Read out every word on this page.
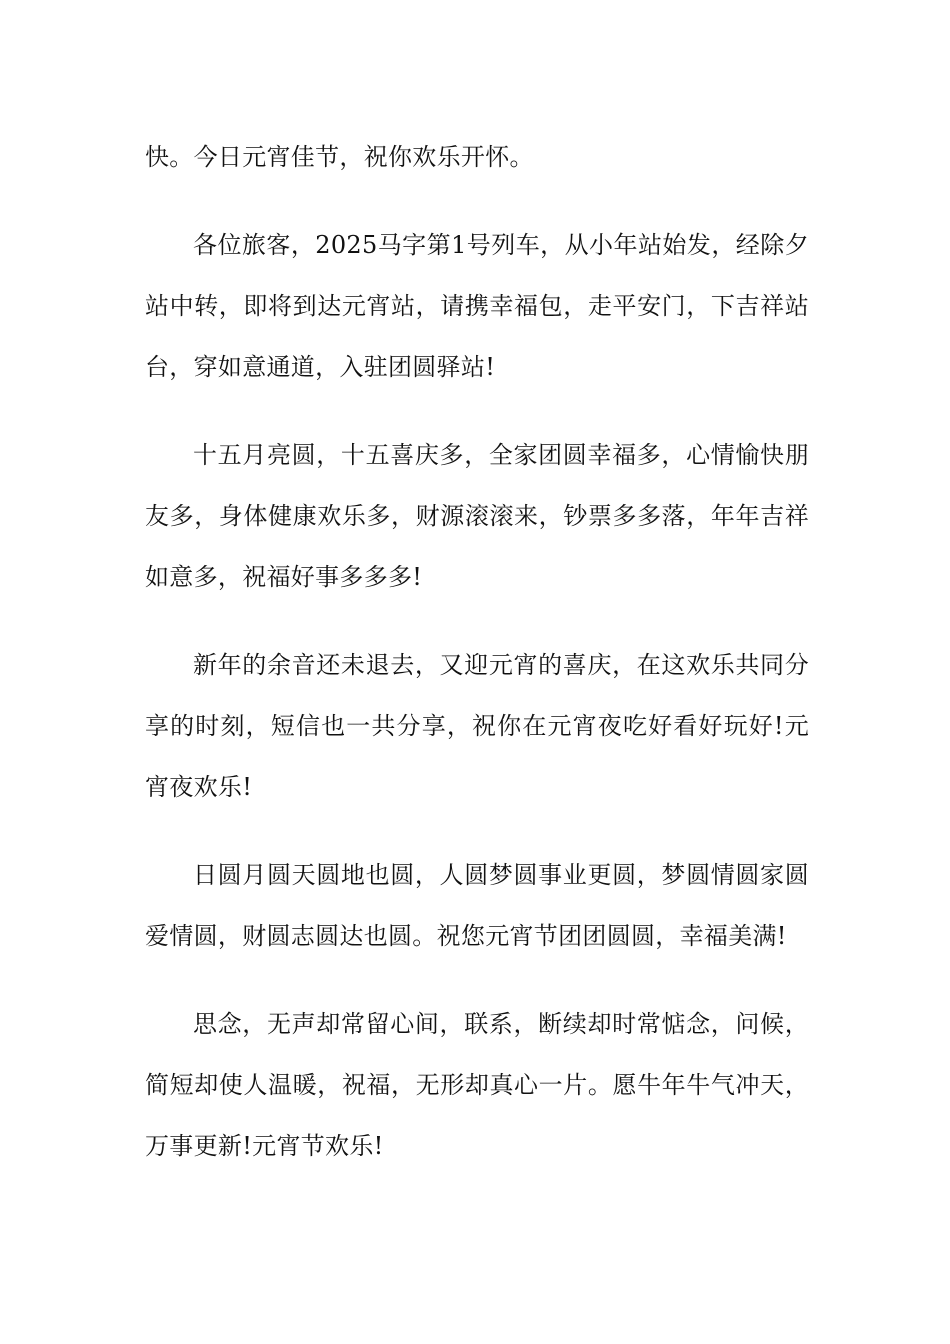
快。今日元宵佳节，祝你欢乐开怀。

各位旅客，2025马字第1号列车，从小年站始发，经除夕站中转，即将到达元宵站，请携幸福包，走平安门，下吉祥站台，穿如意通道，入驻团圆驿站!

十五月亮圆，十五喜庆多，全家团圆幸福多，心情愉快朋友多，身体健康欢乐多，财源滚滚来，钞票多多落，年年吉祥如意多，祝福好事多多多!

新年的余音还未退去，又迎元宵的喜庆，在这欢乐共同分享的时刻，短信也一共分享，祝你在元宵夜吃好看好玩好!元宵夜欢乐!

日圆月圆天圆地也圆，人圆梦圆事业更圆，梦圆情圆家圆爱情圆，财圆志圆达也圆。祝您元宵节团团圆圆，幸福美满!

思念，无声却常留心间，联系，断续却时常惦念，问候，简短却使人温暖，祝福，无形却真心一片。愿牛年牛气冲天，万事更新!元宵节欢乐!
